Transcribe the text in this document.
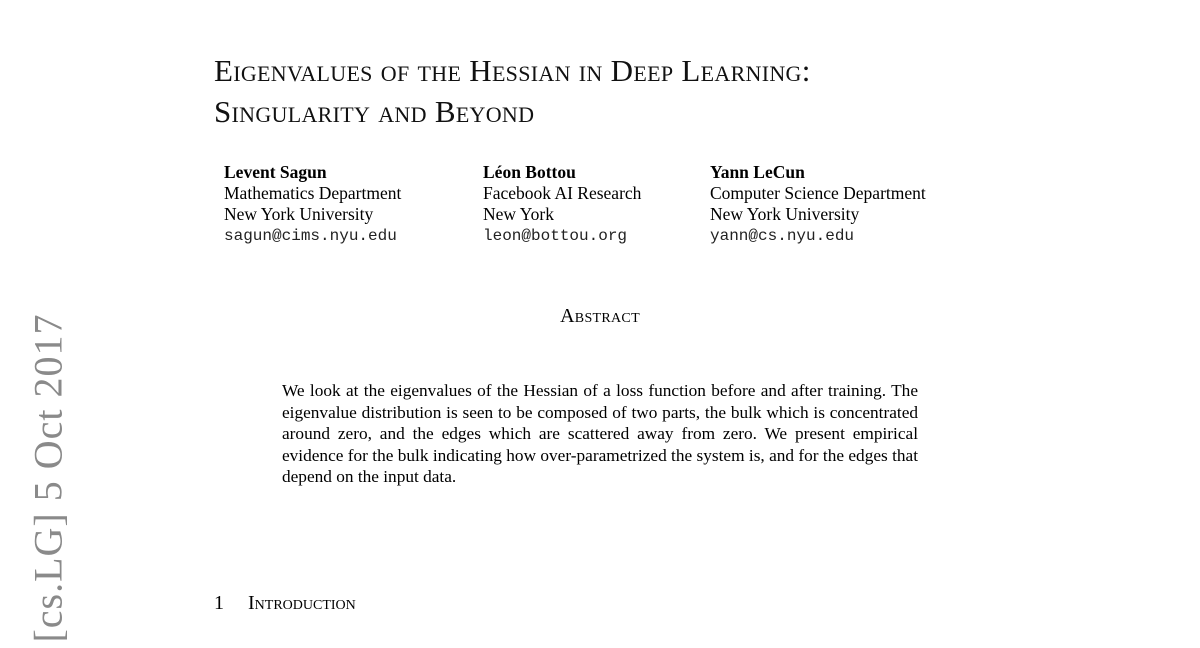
[cs.LG] 5 Oct 2017
Eigenvalues of the Hessian in Deep Learning:
Singularity and Beyond
Levent Sagun
Mathematics Department
New York University
sagun@cims.nyu.edu
Léon Bottou
Facebook AI Research
New York
leon@bottou.org
Yann LeCun
Computer Science Department
New York University
yann@cs.nyu.edu
Abstract
We look at the eigenvalues of the Hessian of a loss function before and after training. The eigenvalue distribution is seen to be composed of two parts, the bulk which is concentrated around zero, and the edges which are scattered away from zero. We present empirical evidence for the bulk indicating how over-parametrized the system is, and for the edges that depend on the input data.
1 Introduction
